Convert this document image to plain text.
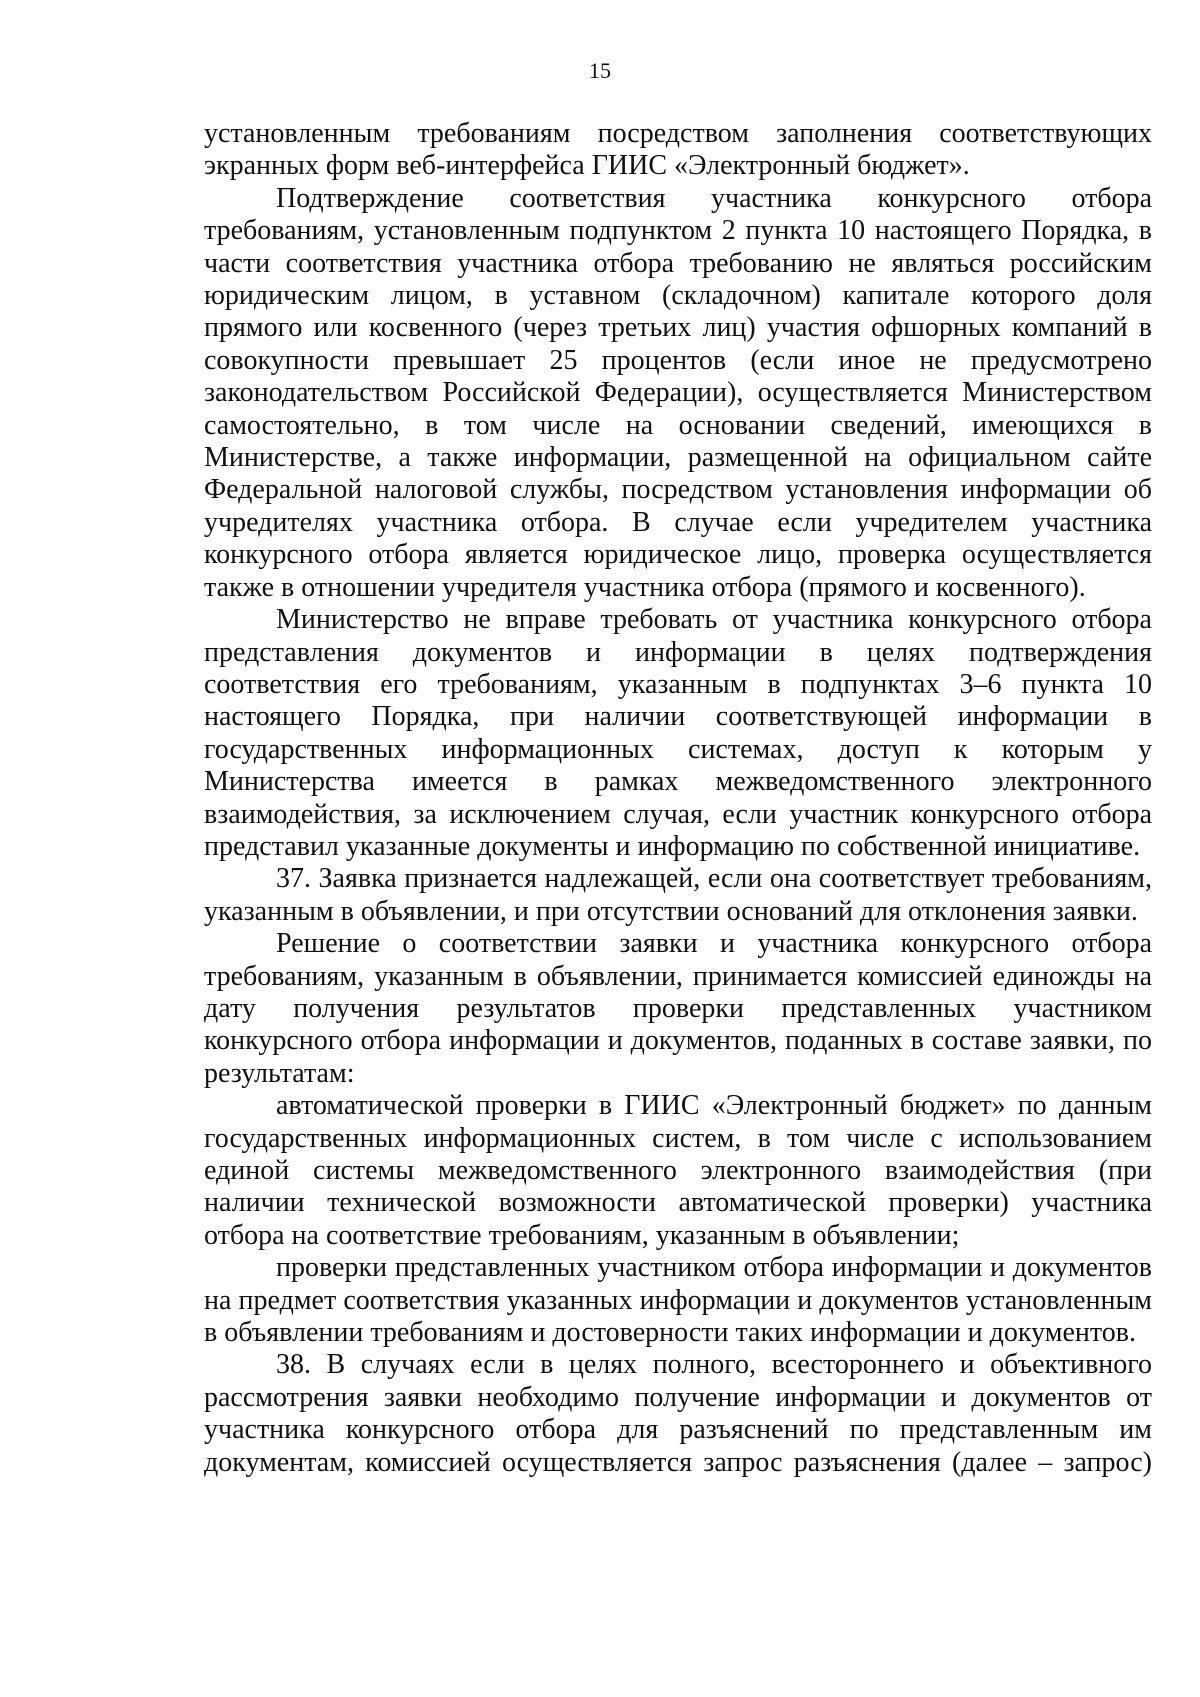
15

установленным требованиям посредством заполнения соответствующих экранных форм веб-интерфейса ГИИС «Электронный бюджет».

Подтверждение соответствия участника конкурсного отбора требованиям, установленным подпунктом 2 пункта 10 настоящего Порядка, в части соответствия участника отбора требованию не являться российским юридическим лицом, в уставном (складочном) капитале которого доля прямого или косвенного (через третьих лиц) участия офшорных компаний в совокупности превышает 25 процентов (если иное не предусмотрено законодательством Российской Федерации), осуществляется Министерством самостоятельно, в том числе на основании сведений, имеющихся в Министерстве, а также информации, размещенной на официальном сайте Федеральной налоговой службы, посредством установления информации об учредителях участника отбора. В случае если учредителем участника конкурсного отбора является юридическое лицо, проверка осуществляется также в отношении учредителя участника отбора (прямого и косвенного).

Министерство не вправе требовать от участника конкурсного отбора представления документов и информации в целях подтверждения соответствия его требованиям, указанным в подпунктах 3–6 пункта 10 настоящего Порядка, при наличии соответствующей информации в государственных информационных системах, доступ к которым у Министерства имеется в рамках межведомственного электронного взаимодействия, за исключением случая, если участник конкурсного отбора представил указанные документы и информацию по собственной инициативе.

37. Заявка признается надлежащей, если она соответствует требованиям, указанным в объявлении, и при отсутствии оснований для отклонения заявки.

Решение о соответствии заявки и участника конкурсного отбора требованиям, указанным в объявлении, принимается комиссией единожды на дату получения результатов проверки представленных участником конкурсного отбора информации и документов, поданных в составе заявки, по результатам:

автоматической проверки в ГИИС «Электронный бюджет» по данным государственных информационных систем, в том числе с использованием единой системы межведомственного электронного взаимодействия (при наличии технической возможности автоматической проверки) участника отбора на соответствие требованиям, указанным в объявлении;

проверки представленных участником отбора информации и документов на предмет соответствия указанных информации и документов установленным в объявлении требованиям и достоверности таких информации и документов.

38. В случаях если в целях полного, всестороннего и объективного рассмотрения заявки необходимо получение информации и документов от участника конкурсного отбора для разъяснений по представленным им документам, комиссией осуществляется запрос разъяснения (далее – запрос)
